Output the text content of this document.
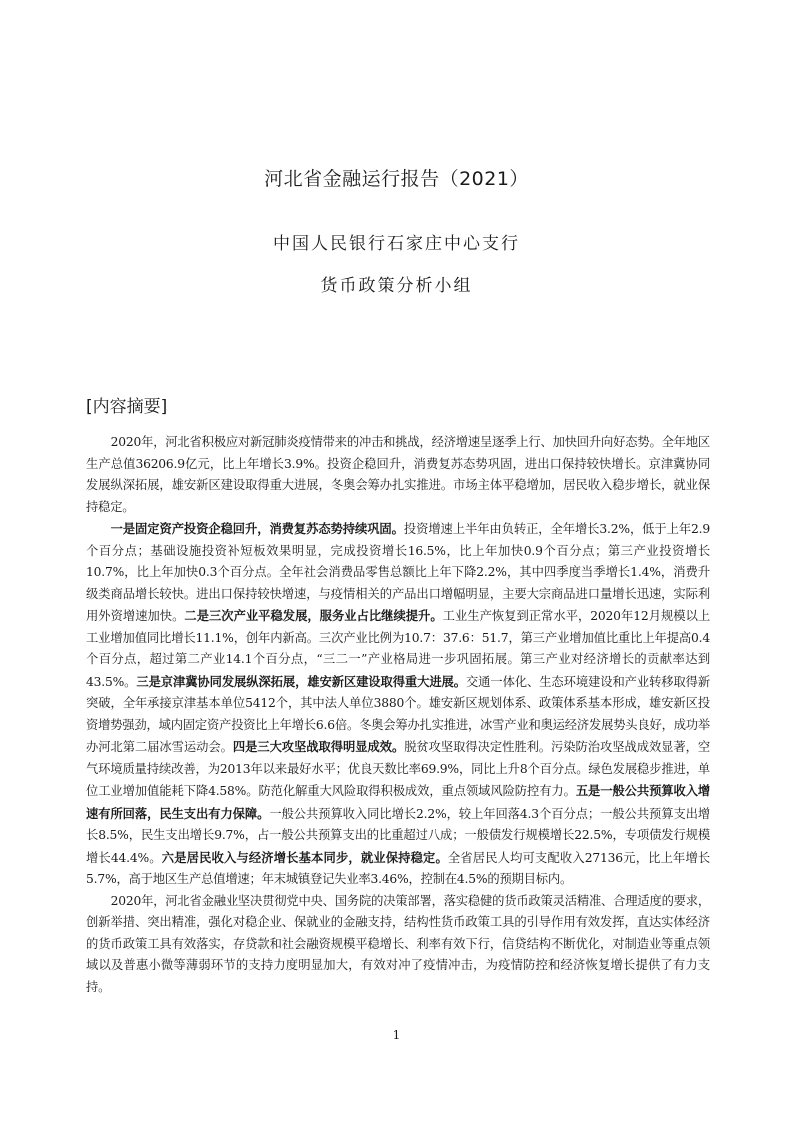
河北省金融运行报告（2021）
中国人民银行石家庄中心支行
货币政策分析小组
[内容摘要]

2020年，河北省积极应对新冠肺炎疫情带来的冲击和挑战，经济增速呈逐季上行、加快回升向好态势。全年地区生产总值36206.9亿元，比上年增长3.9%。投资企稳回升，消费复苏态势巩固，进出口保持较快增长。京津冀协同发展纵深拓展，雄安新区建设取得重大进展，冬奥会筹办扎实推进。市场主体平稳增加，居民收入稳步增长，就业保持稳定。

一是固定资产投资企稳回升，消费复苏态势持续巩固。投资增速上半年由负转正，全年增长3.2%，低于上年2.9个百分点；基础设施投资补短板效果明显，完成投资增长16.5%，比上年加快0.9个百分点；第三产业投资增长10.7%，比上年加快0.3个百分点。全年社会消费品零售总额比上年下降2.2%，其中四季度当季增长1.4%，消费升级类商品增长较快。进出口保持较快增速，与疫情相关的产品出口增幅明显，主要大宗商品进口量增长迅速，实际利用外资增速加快。二是三次产业平稳发展，服务业占比继续提升。工业生产恢复到正常水平，2020年12月规模以上工业增加值同比增长11.1%，创年内新高。三次产业比例为10.7：37.6：51.7，第三产业增加值比重比上年提高0.4个百分点，超过第二产业14.1个百分点，“三二一”产业格局进一步巩固拓展。第三产业对经济增长的贡献率达到43.5%。三是京津冀协同发展纵深拓展，雄安新区建设取得重大进展。交通一体化、生态环境建设和产业转移取得新突破，全年承接京津基本单位5412个，其中法人单位3880个。雄安新区规划体系、政策体系基本形成，雄安新区投资增势强劲，域内固定资产投资比上年增长6.6倍。冬奥会筹办扎实推进，冰雪产业和奥运经济发展势头良好，成功举办河北第二届冰雪运动会。四是三大攻坚战取得明显成效。脱贫攻坚取得决定性胜利。污染防治攻坚战成效显著，空气环境质量持续改善，为2013年以来最好水平；优良天数比率69.9%，同比上升8个百分点。绿色发展稳步推进，单位工业增加值能耗下降4.58%。防范化解重大风险取得积极成效，重点领域风险防控有力。五是一般公共预算收入增速有所回落，民生支出有力保障。一般公共预算收入同比增长2.2%，较上年回落4.3个百分点；一般公共预算支出增长8.5%，民生支出增长9.7%，占一般公共预算支出的比重超过八成；一般债发行规模增长22.5%，专项债发行规模增长44.4%。六是居民收入与经济增长基本同步，就业保持稳定。全省居民人均可支配收入27136元，比上年增长5.7%，高于地区生产总值增速；年末城镇登记失业率3.46%，控制在4.5%的预期目标内。

2020年，河北省金融业坚决贯彻党中央、国务院的决策部署，落实稳健的货币政策灵活精准、合理适度的要求，创新举措、突出精准，强化对稳企业、保就业的金融支持，结构性货币政策工具的引导作用有效发挥，直达实体经济的货币政策工具有效落实，存贷款和社会融资规模平稳增长、利率有效下行，信贷结构不断优化，对制造业等重点领域以及普惠小微等薄弱环节的支持力度明显加大，有效对冲了疫情冲击，为疫情防控和经济恢复增长提供了有力支持。

1
